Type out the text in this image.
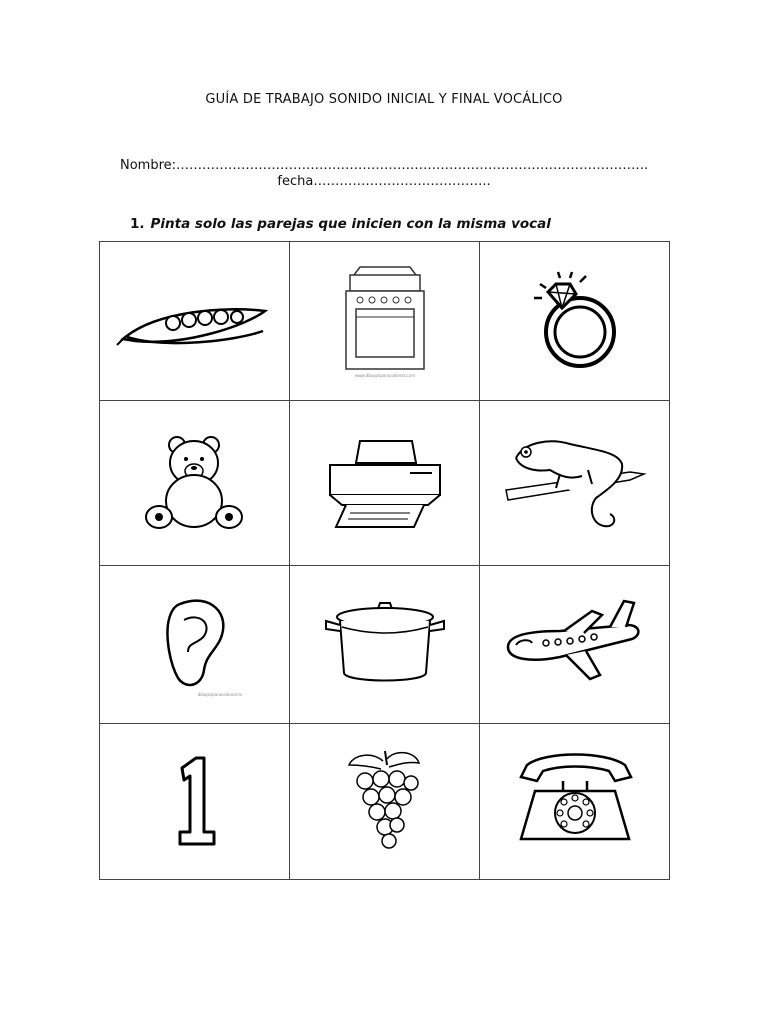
GUÍA DE TRABAJO SONIDO INICIAL Y FINAL VOCÁLICO
Nombre:……………………………………………………………………………………………….
fecha…………………………………..
1. Pinta solo las parejas que inicien con la misma vocal

www.dibujosparacolorear.com

dibujosparacolorear.tv
